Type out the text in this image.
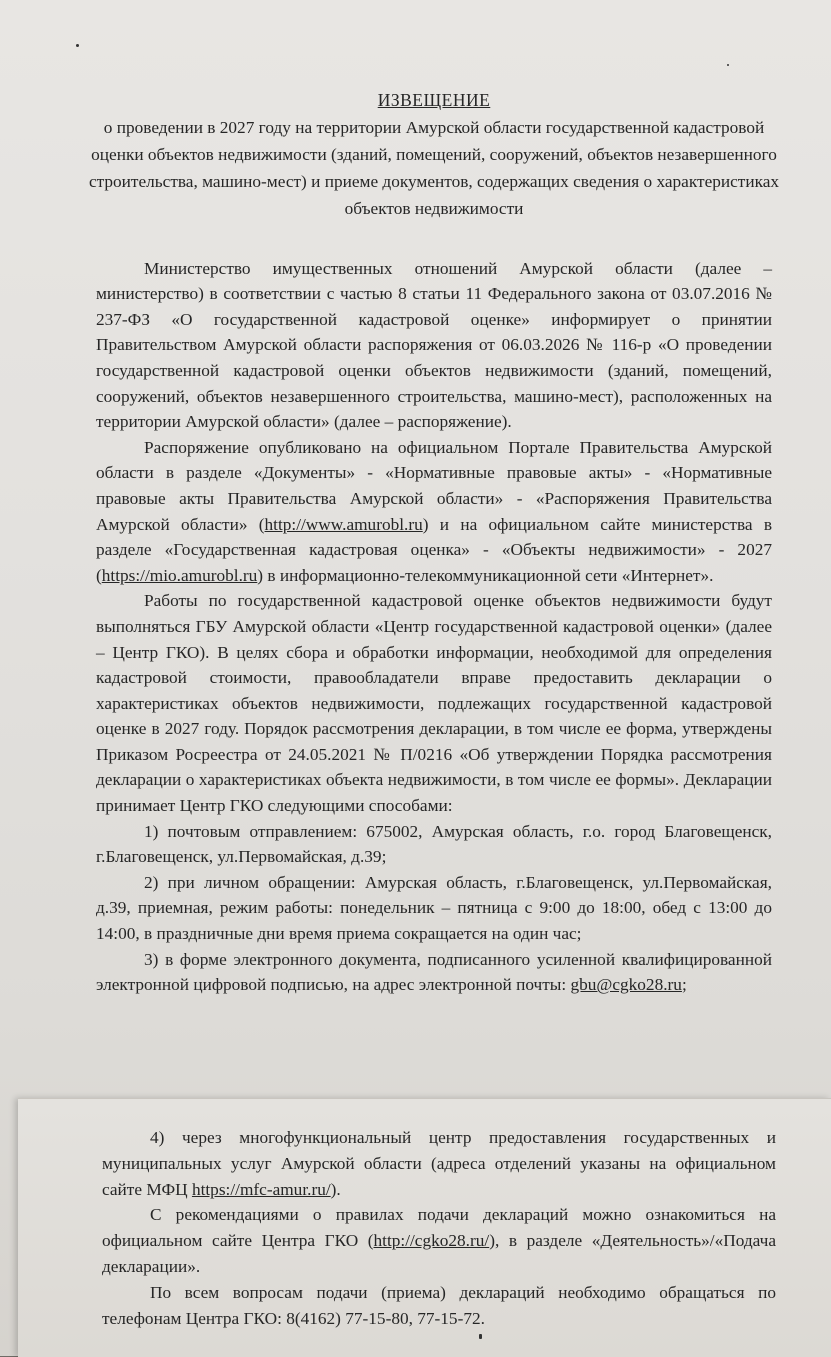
ИЗВЕЩЕНИЕ
о проведении в 2027 году на территории Амурской области государственной кадастровой оценки объектов недвижимости (зданий, помещений, сооружений, объектов незавершенного строительства, машино-мест) и приеме документов, содержащих сведения о характеристиках объектов недвижимости

Министерство имущественных отношений Амурской области (далее – министерство) в соответствии с частью 8 статьи 11 Федерального закона от 03.07.2016 № 237-ФЗ «О государственной кадастровой оценке» информирует о принятии Правительством Амурской области распоряжения от 06.03.2026 № 116-р «О проведении государственной кадастровой оценки объектов недвижимости (зданий, помещений, сооружений, объектов незавершенного строительства, машино-мест), расположенных на территории Амурской области» (далее – распоряжение).

Распоряжение опубликовано на официальном Портале Правительства Амурской области в разделе «Документы» - «Нормативные правовые акты» - «Нормативные правовые акты Правительства Амурской области» - «Распоряжения Правительства Амурской области» (http://www.amurobl.ru) и на официальном сайте министерства в разделе «Государственная кадастровая оценка» - «Объекты недвижимости» - 2027 (https://mio.amurobl.ru) в информационно-телекоммуникационной сети «Интернет».

Работы по государственной кадастровой оценке объектов недвижимости будут выполняться ГБУ Амурской области «Центр государственной кадастровой оценки» (далее – Центр ГКО). В целях сбора и обработки информации, необходимой для определения кадастровой стоимости, правообладатели вправе предоставить декларации о характеристиках объектов недвижимости, подлежащих государственной кадастровой оценке в 2027 году. Порядок рассмотрения декларации, в том числе ее форма, утверждены Приказом Росреестра от 24.05.2021 № П/0216 «Об утверждении Порядка рассмотрения декларации о характеристиках объекта недвижимости, в том числе ее формы». Декларации принимает Центр ГКО следующими способами:

1) почтовым отправлением: 675002, Амурская область, г.о. город Благовещенск, г.Благовещенск, ул.Первомайская, д.39;

2) при личном обращении: Амурская область, г.Благовещенск, ул.Первомайская, д.39, приемная, режим работы: понедельник – пятница с 9:00 до 18:00, обед с 13:00 до 14:00, в праздничные дни время приема сокращается на один час;

3) в форме электронного документа, подписанного усиленной квалифицированной электронной цифровой подписью, на адрес электронной почты: gbu@cgko28.ru;

4) через многофункциональный центр предоставления государственных и муниципальных услуг Амурской области (адреса отделений указаны на официальном сайте МФЦ https://mfc-amur.ru/).

С рекомендациями о правилах подачи деклараций можно ознакомиться на официальном сайте Центра ГКО (http://cgko28.ru/), в разделе «Деятельность»/«Подача декларации».

По всем вопросам подачи (приема) деклараций необходимо обращаться по телефонам Центра ГКО: 8(4162) 77-15-80, 77-15-72.
